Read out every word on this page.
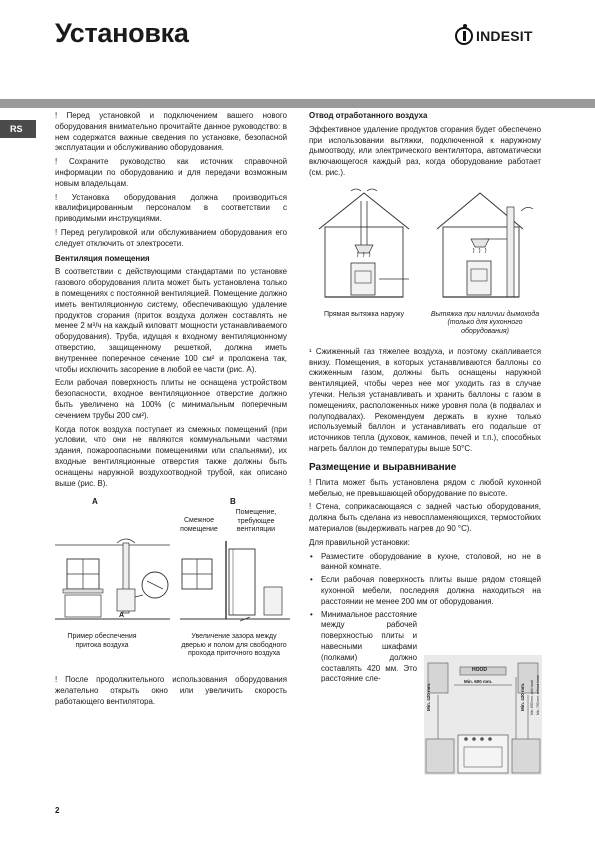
Установка	INDESIT
RS

! Перед установкой и подключением вашего нового оборудования внимательно прочитайте данное руководство: в нем содержатся важные сведения по установке, безопасной эксплуатации и обслуживанию оборудования.

! Сохраните руководство как источник справочной информации по оборудованию и для передачи возможным новым владельцам.

! Установка оборудования должна производиться квалифицированным персоналом в соответствии с приводимыми инструкциями.

! Перед регулировкой или обслуживанием оборудования его следует отключить от электросети.

Вентиляция помещения

В соответствии с действующими стандартами по установке газового оборудования плита может быть установлена только в помещениях с постоянной вентиляцией. Помещение должно иметь вентиляционную систему, обеспечивающую удаление продуктов сгорания (приток воздуха должен составлять не менее 2 м³/ч на каждый киловатт мощности устанавливаемого оборудования). Труба, идущая к входному вентиляционному отверстию, защищенному решеткой, должна иметь внутреннее поперечное сечение 100 см² и проложена так, чтобы исключить засорение в любой ее части (рис. А).

Если рабочая поверхность плиты не оснащена устройством безопасности, входное вентиляционное отверстие должно быть увеличено на 100% (с минимальным поперечным сечением трубы 200 см²).

Когда поток воздуха поступает из смежных помещений (при условии, что они не являются коммунальными частями здания, пожароопасными помещениями или спальнями), их входные вентиляционные отверстия также должны быть оснащены наружной воздухоотводной трубой, как описано выше (рис. В).

A	B
Смежное помещение
Помещение, требующее вентиляции
A
Пример обеспечения притока воздуха
Увеличение зазора между дверью и полом для свободного прохода приточного воздуха

! После продолжительного использования оборудования желательно открыть окно или увеличить скорость работающего вентилятора.

Отвод отработанного воздуха

Эффективное удаление продуктов сгорания будет обеспечено при использовании вытяжки, подключенной к наружному дымоотводу, или электрического вентилятора, автоматически включающегося каждый раз, когда оборудование работает (см. рис.).

Прямая вытяжка наружу	Вытяжка при наличии дымохода (только для кухонного оборудования)

¹ Сжиженный газ тяжелее воздуха, и поэтому скапливается внизу. Помещения, в которых устанавливаются баллоны со сжиженным газом, должны быть оснащены наружной вентиляцией, чтобы через нее мог уходить газ в случае утечки. Нельзя устанавливать и хранить баллоны с газом в помещениях, расположенных ниже уровня пола (в подвалах и полуподвалах). Рекомендуем держать в кухне только используемый баллон и устанавливать его подальше от источников тепла (духовок, каминов, печей и т.п.), способных нагреть баллон до температуры выше 50°С.

Размещение и выравнивание

! Плита может быть установлена рядом с любой кухонной мебелью, не превышающей оборудование по высоте.

! Стена, соприкасающаяся с задней частью оборудования, должна быть сделана из невоспламеняющихся, термостойких материалов (выдерживать нагрев до 90 °C).

Для правильной установки:

• Разместите оборудование в кухне, столовой, но не в ванной комнате.
• Если рабочая поверхность плиты выше рядом стоящей кухонной мебели, последняя должна находиться на расстоянии не менее 200 мм от оборудования.
• Минимальное расстояние между рабочей поверхностью плиты и навесными шкафами (полками) должно составлять 420 мм. Это расстояние сле-
HOOD
Min. 600 mm.
Min. 420 mm.	Min. 420 mm. Min. 650 mm. with hood Min. 700 mm. without hood
2
